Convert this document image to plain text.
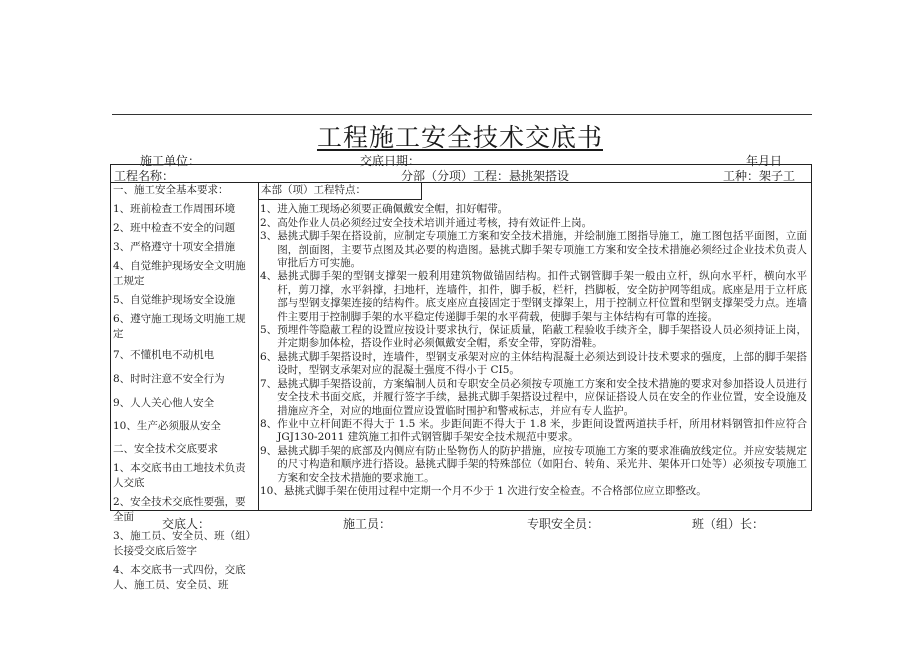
工程施工安全技术交底书
施工单位：	交底日期：	年月日
工程名称：	分部（分项）工程：悬挑架搭设	工种：架子工
一、施工安全基本要求：
1、班前检查工作周围环境
2、班中检查不安全的问题
3、严格遵守十项安全措施
4、自觉维护现场安全文明施工规定
5、自觉维护现场安全设施
6、遵守施工现场文明施工规定
7、不懂机电不动机电
8、时时注意不安全行为
9、人人关心他人安全
10、生产必须服从安全
二、安全技术交底要求
1、本交底书由工地技术负责人交底
2、安全技术交底性要强，要全面
3、施工员、安全员、班（组）长接受交底后签字
4、本交底书一式四份，交底人、施工员、安全员、班
本部（项）工程特点：
1、 进入施工现场必须要正确佩戴安全帽，扣好帽带。
2、 高处作业人员必须经过安全技术培训并通过考核，持有效证件上岗。
3、 悬挑式脚手架在搭设前，应制定专项施工方案和安全技术措施，并绘制施工图指导施工，施工图包括平面图，立面图，剖面图，主要节点图及其必要的构造图。悬挑式脚手架专项施工方案和安全技术措施必须经过企业技术负责人审批后方可实施。
4、 悬挑式脚手架的型钢支撑架一般利用建筑物做锚固结构。扣件式钢管脚手架一般由立杆，纵向水平杆，横向水平杆，剪刀撑，水平斜撑，扫地杆，连墙件，扣件，脚手板，栏杆，挡脚板，安全防护网等组成。底座是用于立杆底部与型钢支撑架连接的结构件。底支座应直接固定于型钢支撑架上，用于控制立杆位置和型钢支撑架受力点。连墙件主要用于控制脚手架的水平稳定传递脚手架的水平荷载，使脚手架与主体结构有可靠的连接。
5、 预埋件等隐蔽工程的设置应按设计要求执行，保证质量，陷蔽工程验收手续齐全，脚手架搭设人员必须持证上岗，并定期参加体检，搭设作业时必须佩戴安全帽，系安全带，穿防滑鞋。
6、 悬挑式脚手架搭设时，连墙件，型钢支承架对应的主体结构混凝土必须达到设计技术要求的强度，上部的脚手架搭设时，型钢支承架对应的混凝土强度不得小于 CI5。
7、 悬挑式脚手架搭设前，方案编制人员和专职安全员必须按专项施工方案和安全技术措施的要求对参加搭设人员进行安全技术书面交底，并履行签字手续，悬挑式脚手架搭设过程中，应保证搭设人员在安全的作业位置，安全设施及措施应齐全，对应的地面位置应设置临时围护和警戒标志，并应有专人监护。
8、 作业中立杆间距不得大于 1.5 米。步距间距不得大于 1.8 米，步距间设置两道扶手杆，所用材料钢管扣件应符合 JGJ130-2011 建筑施工扣件式钢管脚手架安全技术规范中要求。
9、 悬挑式脚手架的底部及内侧应有防止坠物伤人的防护措施，应按专项施工方案的要求准确放线定位。并应安装规定的尺寸构造和顺序进行搭设。悬挑式脚手架的特殊部位（如阳台、转角、采光井、架体开口处等）必须按专项施工方案和安全技术措施的要求施工。
10、 悬挑式脚手架在使用过程中定期一个月不少于 1 次进行安全检查。不合格部位应立即整改。
交底人：	施工员：	专职安全员：	班（组）长：
